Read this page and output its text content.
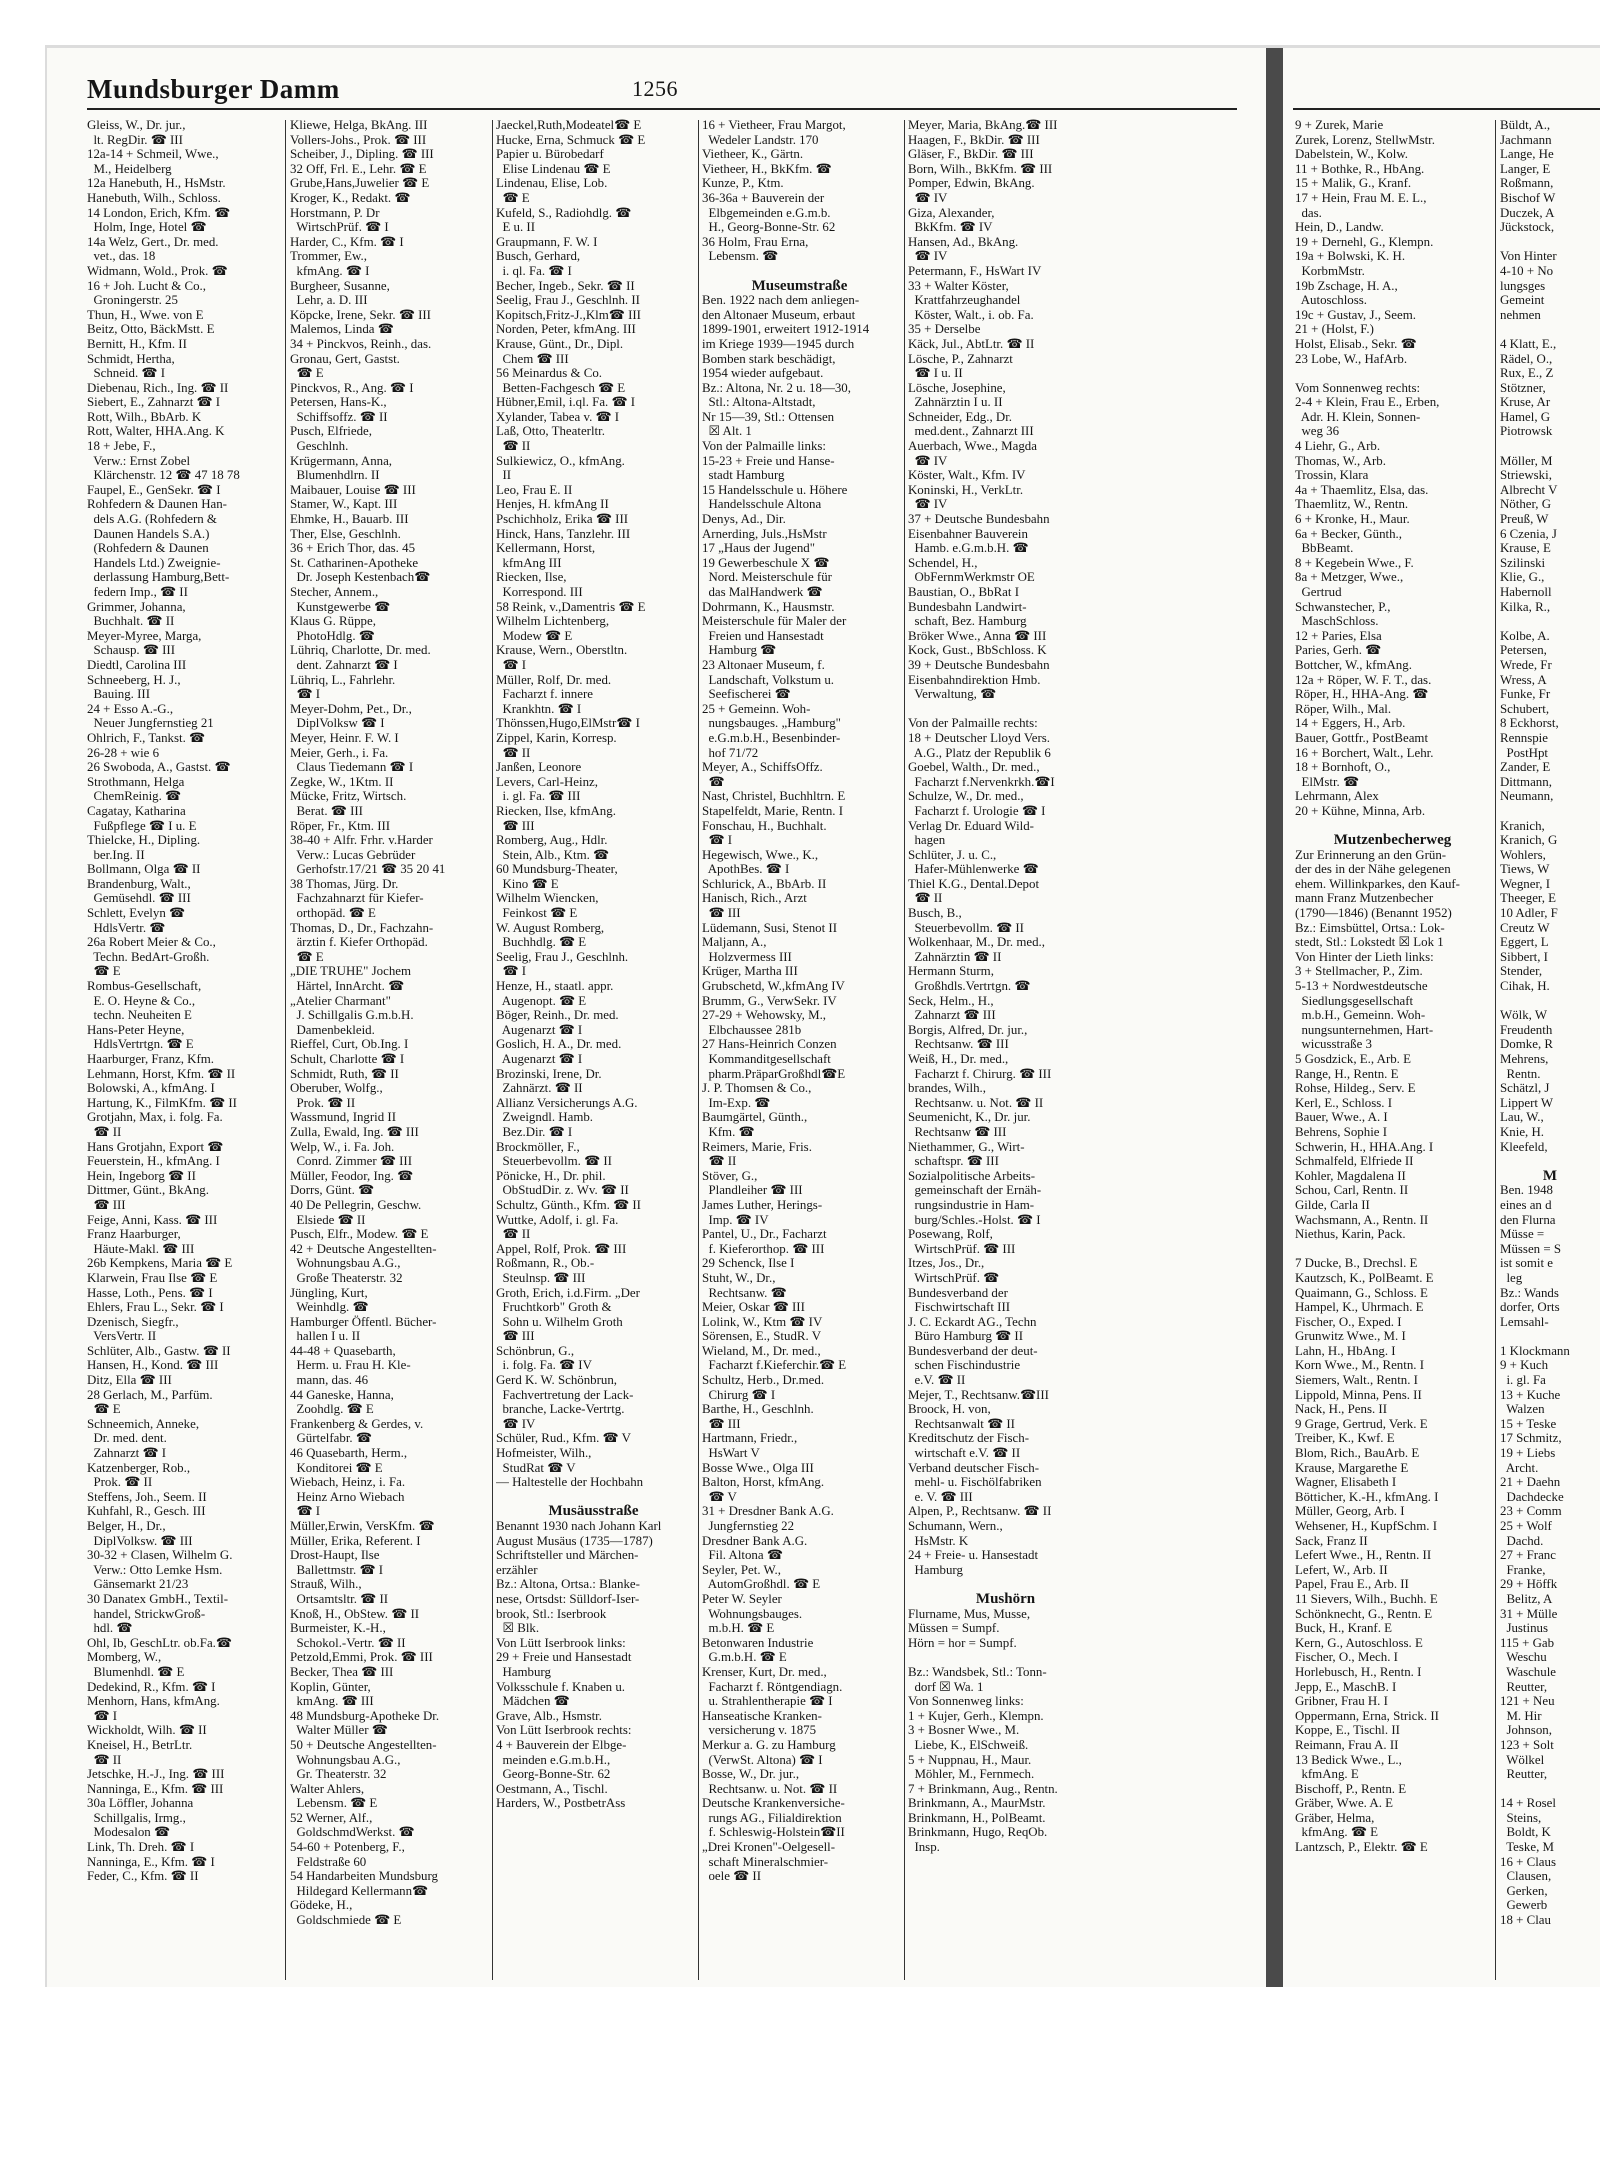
Mundsburger Damm	1256
Gleiss, W., Dr. jur.,
lt. RegDir. ☎ III
12a-14 + Schmeil, Wwe.,
M., Heidelberg
12a Hanebuth, H., HsMstr.
Hanebuth, Wilh., Schloss.
14 London, Erich, Kfm. ☎
Holm, Inge, Hotel ☎
14a Welz, Gert., Dr. med.
vet., das. 18
Widmann, Wold., Prok. ☎
16 + Joh. Lucht & Co.,
Groningerstr. 25
Thun, H., Wwe. von E
Beitz, Otto, BäckMstt. E
Bernitt, H., Kfm. II
Schmidt, Hertha,
Schneid. ☎ I
Diebenau, Rich., Ing. ☎ II
Siebert, E., Zahnarzt ☎ I
Rott, Wilh., BbArb. K
Rott, Walter, HHA.Ang. K
18 + Jebe, F.,
Verw.: Ernst Zobel
Klärchenstr. 12 ☎ 47 18 78
Faupel, E., GenSekr. ☎ I
Rohfedern & Daunen Han-
dels A.G. (Rohfedern &
Daunen Handels S.A.)
(Rohfedern & Daunen
Handels Ltd.) Zweignie-
derlassung Hamburg,Bett-
federn Imp., ☎ II
Grimmer, Johanna,
Buchhalt. ☎ II
Meyer-Myree, Marga,
Schausp. ☎ III
Diedtl, Carolina III
Schneeberg, H. J.,
Bauing. III
24 + Esso A.-G.,
Neuer Jungfernstieg 21
Ohlrich, F., Tankst. ☎
26-28 + wie 6
26 Swoboda, A., Gastst. ☎
Strothmann, Helga
ChemReinig. ☎
Cagatay, Katharina
Fußpflege ☎ I u. E
Thielcke, H., Dipling.
ber.Ing. II
Bollmann, Olga ☎ II
Brandenburg, Walt.,
Gemüsehdl. ☎ III
Schlett, Evelyn ☎
HdlsVertr. ☎
26a Robert Meier & Co.,
Techn. BedArt-Großh.
☎ E
Rombus-Gesellschaft,
E. O. Heyne & Co.,
techn. Neuheiten E
Hans-Peter Heyne,
HdlsVertrtgn. ☎ E
Haarburger, Franz, Kfm.
Lehmann, Horst, Kfm. ☎ II
Bolowski, A., kfmAng. I
Hartung, K., FilmKfm. ☎ II
Grotjahn, Max, i. folg. Fa.
☎ II
Hans Grotjahn, Export ☎
Feuerstein, H., kfmAng. I
Hein, Ingeborg ☎ II
Dittmer, Günt., BkAng.
☎ III
Feige, Anni, Kass. ☎ III
Franz Haarburger,
Häute-Makl. ☎ III
26b Kempkens, Maria ☎ E
Klarwein, Frau Ilse ☎ E
Hasse, Loth., Pens. ☎ I
Ehlers, Frau L., Sekr. ☎ I
Dzenisch, Siegfr.,
VersVertr. II
Schlüter, Alb., Gastw. ☎ II
Hansen, H., Kond. ☎ III
Ditz, Ella ☎ III
28 Gerlach, M., Parfüm.
☎ E
Schneemich, Anneke,
Dr. med. dent.
Zahnarzt ☎ I
Katzenberger, Rob.,
Prok. ☎ II
Steffens, Joh., Seem. II
Kuhfahl, R., Gesch. III
Belger, H., Dr.,
DiplVolksw. ☎ III
30-32 + Clasen, Wilhelm G.
Verw.: Otto Lemke Hsm.
Gänsemarkt 21/23
30 Danatex GmbH., Textil-
handel, StrickwGroß-
hdl. ☎
Ohl, Ib, GeschLtr. ob.Fa.☎
Momberg, W.,
Blumenhdl. ☎ E
Dedekind, R., Kfm. ☎ I
Menhorn, Hans, kfmAng.
☎ I
Wickholdt, Wilh. ☎ II
Kneisel, H., BetrLtr.
☎ II
Jetschke, H.-J., Ing. ☎ III
Nanninga, E., Kfm. ☎ III
30a Löffler, Johanna
Schillgalis, Irmg.,
Modesalon ☎
Link, Th. Dreh. ☎ I
Nanninga, E., Kfm. ☎ I
Feder, C., Kfm. ☎ II
Kliewe, Helga, BkAng. III
Vollers-Johs., Prok. ☎ III
Scheiber, J., Dipling. ☎ III
32 Off, Frl. E., Lehr. ☎ E
Grube,Hans,Juwelier ☎ E
Kroger, K., Redakt. ☎
Horstmann, P. Dr
WirtschPrüf. ☎ I
Harder, C., Kfm. ☎ I
Trommer, Ew.,
kfmAng. ☎ I
Burgheer, Susanne,
Lehr, a. D. III
Köpcke, Irene, Sekr. ☎ III
Malemos, Linda ☎
34 + Pinckvos, Reinh., das.
Gronau, Gert, Gastst.
☎ E
Pinckvos, R., Ang. ☎ I
Petersen, Hans-K.,
Schiffsoffz. ☎ II
Pusch, Elfriede,
Geschlnh.
Krügermann, Anna,
Blumenhdlrn. II
Maibauer, Louise ☎ III
Stamer, W., Kapt. III
Ehmke, H., Bauarb. III
Ther, Else, Geschlnh.
36 + Erich Thor, das. 45
St. Catharinen-Apotheke
Dr. Joseph Kestenbach☎
Stecher, Annem.,
Kunstgewerbe ☎
Klaus G. Rüppe,
PhotoHdlg. ☎
Lühriq, Charlotte, Dr. med.
dent. Zahnarzt ☎ I
Lühriq, L., Fahrlehr.
☎ I
Meyer-Dohm, Pet., Dr.,
DiplVolksw ☎ I
Meyer, Heinr. F. W. I
Meier, Gerh., i. Fa.
Claus Tiedemann ☎ I
Zegke, W., 1Ktm. II
Mücke, Fritz, Wirtsch.
Berat. ☎ III
Röper, Fr., Ktm. III
38-40 + Alfr. Frhr. v.Harder
Verw.: Lucas Gebrüder
Gerhofstr.17/21 ☎ 35 20 41
38 Thomas, Jürg. Dr.
Fachzahnarzt für Kiefer-
orthopäd. ☎ E
Thomas, D., Dr., Fachzahn-
ärztin f. Kiefer Orthopäd.
☎ E
„DIE TRUHE" Jochem
Härtel, InnArcht. ☎
„Atelier Charmant"
J. Schillgalis G.m.b.H.
Damenbekleid.
Rieffel, Curt, Ob.Ing. I
Schult, Charlotte ☎ I
Schmidt, Ruth, ☎ II
Oberuber, Wolfg.,
Prok. ☎ II
Wassmund, Ingrid II
Zulla, Ewald, Ing. ☎ III
Welp, W., i. Fa. Joh.
Conrd. Zimmer ☎ III
Müller, Feodor, Ing. ☎
Dorrs, Günt. ☎
40 De Pellegrin, Geschw.
Elsiede ☎ II
Pusch, Elfr., Modew. ☎ E
42 + Deutsche Angestellten-
Wohnungsbau A.G.,
Große Theaterstr. 32
Jüngling, Kurt,
Weinhdlg. ☎
Hamburger Öffentl. Bücher-
hallen I u. II
44-48 + Quasebarth,
Herm. u. Frau H. Kle-
mann, das. 46
44 Ganeske, Hanna,
Zoohdlg. ☎ E
Frankenberg & Gerdes, v.
Gürtelfabr. ☎
46 Quasebarth, Herm.,
Konditorei ☎ E
Wiebach, Heinz, i. Fa.
Heinz Arno Wiebach
☎ I
Müller,Erwin, VersKfm. ☎
Müller, Erika, Referent. I
Drost-Haupt, Ilse
Ballettmstr. ☎ I
Strauß, Wilh.,
Ortsamtsltr. ☎ II
Knoß, H., ObStew. ☎ II
Burmeister, K.-H.,
Schokol.-Vertr. ☎ II
Petzold,Emmi, Prok. ☎ III
Becker, Thea ☎ III
Koplin, Günter,
kmAng. ☎ III
48 Mundsburg-Apotheke Dr.
Walter Müller ☎
50 + Deutsche Angestellten-
Wohnungsbau A.G.,
Gr. Theaterstr. 32
Walter Ahlers,
Lebensm. ☎ E
52 Werner, Alf.,
GoldschmdWerkst. ☎
54-60 + Potenberg, F.,
Feldstraße 60
54 Handarbeiten Mundsburg
Hildegard Kellermann☎
Gödeke, H.,
Goldschmiede ☎ E
Jaeckel,Ruth,Modeatel☎ E
Hucke, Erna, Schmuck ☎ E
Papier u. Bürobedarf
Elise Lindenau ☎ E
Lindenau, Elise, Lob.
☎ E
Kufeld, S., Radiohdlg. ☎
E u. II
Graupmann, F. W. I
Busch, Gerhard,
i. ql. Fa. ☎ I
Becher, Ingeb., Sekr. ☎ II
Seelig, Frau J., Geschlnh. II
Kopitsch,Fritz-J.,Klm☎ III
Norden, Peter, kfmAng. III
Krause, Günt., Dr., Dipl.
Chem ☎ III
56 Meinardus & Co.
Betten-Fachgesch ☎ E
Hübner,Emil, i.ql. Fa. ☎ I
Xylander, Tabea v. ☎ I
Laß, Otto, Theaterltr.
☎ II
Sulkiewicz, O., kfmAng.
II
Leo, Frau E. II
Henjes, H. kfmAng II
Pschichholz, Erika ☎ III
Hinck, Hans, Tanzlehr. III
Kellermann, Horst,
kfmAng III
Riecken, Ilse,
Korrespond. III
58 Reink, v.,Damentris ☎ E
Wilhelm Lichtenberg,
Modew ☎ E
Krause, Wern., Oberstltn.
☎ I
Müller, Rolf, Dr. med.
Facharzt f. innere
Krankhtn. ☎ I
Thönssen,Hugo,ElMstr☎ I
Zippel, Karin, Korresp.
☎ II
Janßen, Leonore
Levers, Carl-Heinz,
i. gl. Fa. ☎ III
Riecken, Ilse, kfmAng.
☎ III
Romberg, Aug., Hdlr.
Stein, Alb., Ktm. ☎
60 Mundsburg-Theater,
Kino ☎ E
Wilhelm Wiencken,
Feinkost ☎ E
W. August Romberg,
Buchhdlg. ☎ E
Seelig, Frau J., Geschlnh.
☎ I
Henze, H., staatl. appr.
Augenopt. ☎ E
Böger, Reinh., Dr. med.
Augenarzt ☎ I
Goslich, H. A., Dr. med.
Augenarzt ☎ I
Brozinski, Irene, Dr.
Zahnärzt. ☎ II
Allianz Versicherungs A.G.
Zweigndl. Hamb.
Bez.Dir. ☎ I
Brockmöller, F.,
Steuerbevollm. ☎ II
Pönicke, H., Dr. phil.
ObStudDir. z. Wv. ☎ II
Schultz, Günth., Kfm. ☎ II
Wuttke, Adolf, i. gl. Fa.
☎ II
Appel, Rolf, Prok. ☎ III
Roßmann, R., Ob.-
Steulnsp. ☎ III
Groth, Erich, i.d.Firm. „Der
Fruchtkorb" Groth &
Sohn u. Wilhelm Groth
☎ III
Schönbrun, G.,
i. folg. Fa. ☎ IV
Gerd K. W. Schönbrun,
Fachvertretung der Lack-
branche, Lacke-Vertrtg.
☎ IV
Schüler, Rud., Kfm. ☎ V
Hofmeister, Wilh.,
StudRat ☎ V
— Haltestelle der Hochbahn
Musäusstraße
Benannt 1930 nach Johann Karl
August Musäus (1735—1787)
Schriftsteller und Märchen-
erzähler
Bz.: Altona, Ortsa.: Blanke-
nese, Ortsdst: Sülldorf-Iser-
brook, Stl.: Iserbrook
☒ Blk.
Von Lütt Iserbrook links:
29 + Freie und Hansestadt
Hamburg
Volksschule f. Knaben u.
Mädchen ☎
Grave, Alb., Hsmstr.
Von Lütt Iserbrook rechts:
4 + Bauverein der Elbge-
meinden e.G.m.b.H.,
Georg-Bonne-Str. 62
Oestmann, A., Tischl.
Harders, W., PostbetrAss
16 + Vietheer, Frau Margot,
Wedeler Landstr. 170
Vietheer, K., Gärtn.
Vietheer, H., BkKfm. ☎
Kunze, P., Ktm.
36-36a + Bauverein der
Elbgemeinden e.G.m.b.
H., Georg-Bonne-Str. 62
36 Holm, Frau Erna,
Lebensm. ☎
Museumstraße
Ben. 1922 nach dem anliegen-
den Altonaer Museum, erbaut
1899-1901, erweitert 1912-1914
im Kriege 1939—1945 durch
Bomben stark beschädigt,
1954 wieder aufgebaut.
Bz.: Altona, Nr. 2 u. 18—30,
Stl.: Altona-Altstadt,
Nr 15—39, Stl.: Ottensen
☒ Alt. 1
Von der Palmaille links:
15-23 + Freie und Hanse-
stadt Hamburg
15 Handelsschule u. Höhere
Handelsschule Altona
Denys, Ad., Dir.
Arnerding, Juls.,HsMstr
17 „Haus der Jugend"
19 Gewerbeschule X ☎
Nord. Meisterschule für
das MalHandwerk ☎
Dohrmann, K., Hausmstr.
Meisterschule für Maler der
Freien und Hansestadt
Hamburg ☎
23 Altonaer Museum, f.
Landschaft, Volkstum u.
Seefischerei ☎
25 + Gemeinn. Woh-
nungsbauges. „Hamburg"
e.G.m.b.H., Besenbinder-
hof 71/72
Meyer, A., SchiffsOffz.
☎
Nast, Christel, Buchhltrn. E
Stapelfeldt, Marie, Rentn. I
Fonschau, H., Buchhalt.
☎ I
Hegewisch, Wwe., K.,
ApothBes. ☎ I
Schlurick, A., BbArb. II
Hanisch, Rich., Arzt
☎ III
Lüdemann, Susi, Stenot II
Maljann, A.,
Holzvermess III
Krüger, Martha III
Grubschetd, W.,kfmAng IV
Brumm, G., VerwSekr. IV
27-29 + Wehowsky, M.,
Elbchaussee 281b
27 Hans-Heinrich Conzen
Kommanditgesellschaft
pharm.PräparGroßhdl☎E
J. P. Thomsen & Co.,
Im-Exp. ☎
Baumgärtel, Günth.,
Kfm. ☎
Reimers, Marie, Fris.
☎ II
Stöver, G.,
Plandleiher ☎ III
James Luther, Herings-
Imp. ☎ IV
Pantel, U., Dr., Facharzt
f. Kieferorthop. ☎ III
29 Schenck, Ilse I
Stuht, W., Dr.,
Rechtsanw. ☎
Meier, Oskar ☎ III
Lolink, W., Ktm ☎ IV
Sörensen, E., StudR. V
Wieland, M., Dr. med.,
Facharzt f.Kieferchir.☎ E
Schultz, Herb., Dr.med.
Chirurg ☎ I
Barthe, H., Geschlnh.
☎ III
Hartmann, Friedr.,
HsWart V
Bosse Wwe., Olga III
Balton, Horst, kfmAng.
☎ V
31 + Dresdner Bank A.G.
Jungfernstieg 22
Dresdner Bank A.G.
Fil. Altona ☎
Seyler, Pet. W.,
AutomGroßhdl. ☎ E
Peter W. Seyler
Wohnungsbauges.
m.b.H. ☎ E
Betonwaren Industrie
G.m.b.H. ☎ E
Krenser, Kurt, Dr. med.,
Facharzt f. Röntgendiagn.
u. Strahlentherapie ☎ I
Hanseatische Kranken-
versicherung v. 1875
Merkur a. G. zu Hamburg
(VerwSt. Altona) ☎ I
Bosse, W., Dr. jur.,
Rechtsanw. u. Not. ☎ II
Deutsche Krankenversiche-
rungs AG., Filialdirektion
f. Schleswig-Holstein☎II
„Drei Kronen"-Oelgesell-
schaft Mineralschmier-
oele ☎ II
Meyer, Maria, BkAng.☎ III
Haagen, F., BkDir. ☎ III
Gläser, F., BkDir. ☎ III
Born, Wilh., BkKfm. ☎ III
Pomper, Edwin, BkAng.
☎ IV
Giza, Alexander,
BkKfm. ☎ IV
Hansen, Ad., BkAng.
☎ IV
Petermann, F., HsWart IV
33 + Walter Köster,
Krattfahrzeughandel
Köster, Walt., i. ob. Fa.
35 + Derselbe
Käck, Jul., AbtLtr. ☎ II
Lösche, P., Zahnarzt
☎ I u. II
Lösche, Josephine,
Zahnärztin I u. II
Schneider, Edg., Dr.
med.dent., Zahnarzt III
Auerbach, Wwe., Magda
☎ IV
Köster, Walt., Kfm. IV
Koninski, H., VerkLtr.
☎ IV
37 + Deutsche Bundesbahn
Eisenbahner Bauverein
Hamb. e.G.m.b.H. ☎
Schendel, H.,
ObFernmWerkmstr OE
Baustian, O., BbRat I
Bundesbahn Landwirt-
schaft, Bez. Hamburg
Bröker Wwe., Anna ☎ III
Kock, Gust., BbSchloss. K
39 + Deutsche Bundesbahn
Eisenbahndirektion Hmb.
Verwaltung, ☎
Von der Palmaille rechts:
18 + Deutscher Lloyd Vers.
A.G., Platz der Republik 6
Goebel, Walth., Dr. med.,
Facharzt f.Nervenkrkh.☎I
Schulze, W., Dr. med.,
Facharzt f. Urologie ☎ I
Verlag Dr. Eduard Wild-
hagen
Schlüter, J. u. C.,
Hafer-Mühlenwerke ☎
Thiel K.G., Dental.Depot
☎ II
Busch, B.,
Steuerbevollm. ☎ II
Wolkenhaar, M., Dr. med.,
Zahnärztin ☎ II
Hermann Sturm,
Großhdls.Vertrtgn. ☎
Seck, Helm., H.,
Zahnarzt ☎ III
Borgis, Alfred, Dr. jur.,
Rechtsanw. ☎ III
Weiß, H., Dr. med.,
Facharzt f. Chirurg. ☎ III
brandes, Wilh.,
Rechtsanw. u. Not. ☎ II
Seumenicht, K., Dr. jur.
Rechtsanw ☎ III
Niethammer, G., Wirt-
schaftspr. ☎ III
Sozialpolitische Arbeits-
gemeinschaft der Ernäh-
rungsindustrie in Ham-
burg/Schles.-Holst. ☎ I
Posewang, Rolf,
WirtschPrüf. ☎ III
Itzes, Jos., Dr.,
WirtschPrüf. ☎
Bundesverband der
Fischwirtschaft III
J. C. Eckardt AG., Techn
Büro Hamburg ☎ II
Bundesverband der deut-
schen Fischindustrie
e.V. ☎ II
Mejer, T., Rechtsanw.☎III
Broock, H. von,
Rechtsanwalt ☎ II
Kreditschutz der Fisch-
wirtschaft e.V. ☎ II
Verband deutscher Fisch-
mehl- u. Fischölfabriken
e. V. ☎ III
Alpen, P., Rechtsanw. ☎ II
Schumann, Wern.,
HsMstr. K
24 + Freie- u. Hansestadt
Hamburg
Mushörn
Flurname, Mus, Musse,
Müssen = Sumpf.
Hörn = hor = Sumpf.
Bz.: Wandsbek, Stl.: Tonn-
dorf ☒ Wa. 1
Von Sonnenweg links:
1 + Kujer, Gerh., Klempn.
3 + Bosner Wwe., M.
Liebe, K., ElSchweiß.
5 + Nuppnau, H., Maur.
Möhler, M., Fernmech.
7 + Brinkmann, Aug., Rentn.
Brinkmann, A., MaurMstr.
Brinkmann, H., PolBeamt.
Brinkmann, Hugo, ReqOb.
Insp.
9 + Zurek, Marie
Zurek, Lorenz, StellwMstr.
Dabelstein, W., Kolw.
11 + Bothke, R., HbAng.
15 + Malik, G., Kranf.
17 + Hein, Frau M. E. L.,
das.
Hein, D., Landw.
19 + Dernehl, G., Klempn.
19a + Bolwski, K. H.
KorbmMstr.
19b Zschage, H. A.,
Autoschloss.
19c + Gustav, J., Seem.
21 + (Holst, F.)
Holst, Elisab., Sekr. ☎
23 Lobe, W., HafArb.
Vom Sonnenweg rechts:
2-4 + Klein, Frau E., Erben,
Adr. H. Klein, Sonnen-
weg 36
4 Liehr, G., Arb.
Thomas, W., Arb.
Trossin, Klara
4a + Thaemlitz, Elsa, das.
Thaemlitz, W., Rentn.
6 + Kronke, H., Maur.
6a + Becker, Günth.,
BbBeamt.
8 + Kegebein Wwe., F.
8a + Metzger, Wwe.,
Gertrud
Schwanstecher, P.,
MaschSchloss.
12 + Paries, Elsa
Paries, Gerh. ☎
Bottcher, W., kfmAng.
12a + Röper, W. F. T., das.
Röper, H., HHA-Ang. ☎
Röper, Wilh., Mal.
14 + Eggers, H., Arb.
Bauer, Gottfr., PostBeamt
16 + Borchert, Walt., Lehr.
18 + Bornhoft, O.,
ElMstr. ☎
Lehrmann, Alex
20 + Kühne, Minna, Arb.
Mutzenbecherweg
Zur Erinnerung an den Grün-
der des in der Nähe gelegenen
ehem. Willinkparkes, den Kauf-
mann Franz Mutzenbecher
(1790—1846) (Benannt 1952)
Bz.: Eimsbüttel, Ortsa.: Lok-
stedt, Stl.: Lokstedt ☒ Lok 1
Von Hinter der Lieth links:
3 + Stellmacher, P., Zim.
5-13 + Nordwestdeutsche
Siedlungsgesellschaft
m.b.H., Gemeinn. Woh-
nungsunternehmen, Hart-
wicusstraße 3
5 Gosdzick, E., Arb. E
Range, H., Rentn. E
Rohse, Hildeg., Serv. E
Kerl, E., Schloss. I
Bauer, Wwe., A. I
Behrens, Sophie I
Schwerin, H., HHA.Ang. I
Schmalfeld, Elfriede II
Kohler, Magdalena II
Schou, Carl, Rentn. II
Gilde, Carla II
Wachsmann, A., Rentn. II
Niethus, Karin, Pack.
7 Ducke, B., Drechsl. E
Kautzsch, K., PolBeamt. E
Quaimann, G., Schloss. E
Hampel, K., Uhrmach. E
Fischer, O., Exped. I
Grunwitz Wwe., M. I
Lahn, H., HbAng. I
Korn Wwe., M., Rentn. I
Siemers, Walt., Rentn. I
Lippold, Minna, Pens. II
Nack, H., Pens. II
9 Grage, Gertrud, Verk. E
Treiber, K., Kwf. E
Blom, Rich., BauArb. E
Krause, Margarethe E
Wagner, Elisabeth I
Bötticher, K.-H., kfmAng. I
Müller, Georg, Arb. I
Wehsener, H., KupfSchm. I
Sack, Franz II
Lefert Wwe., H., Rentn. II
Lefert, W., Arb. II
Papel, Frau E., Arb. II
11 Sievers, Wilh., Buchh. E
Schönknecht, G., Rentn. E
Buck, H., Kranf. E
Kern, G., Autoschloss. E
Fischer, O., Mech. I
Horlebusch, H., Rentn. I
Jepp, E., MaschB. I
Gribner, Frau H. I
Oppermann, Erna, Strick. II
Koppe, E., Tischl. II
Reimann, Frau A. II
13 Bedick Wwe., L.,
kfmAng. E
Bischoff, P., Rentn. E
Gräber, Wwe. A. E
Gräber, Helma,
kfmAng. ☎ E
Lantzsch, P., Elektr. ☎ E
Büldt, A.,
Jachmann
Lange, He
Langer, E
Roßmann,
Bischof W
Duczek, A
Jückstock,
Von Hinter
4-10 + No
lungsges
Gemeint
nehmen
4 Klatt, E.,
Rädel, O.,
Rux, E., Z
Stötzner,
Kruse, Ar
Hamel, G
Piotrowsk
Möller, M
Striewski,
Albrecht V
Nöther, G
Preuß, W
6 Czenia, J
Krause, E
Szilinski
Klie, G.,
Habernoll
Kilka, R.,
Kolbe, A.
Petersen,
Wrede, Fr
Wress, A
Funke, Fr
Schubert,
8 Eckhorst,
Rennspie
PostHpt
Zander, E
Dittmann,
Neumann,
Kranich,
Kranich, G
Wohlers,
Tiews, W
Wegner, I
Theeger, E
10 Adler, F
Creutz W
Eggert, L
Sibbert, I
Stender,
Cihak, H.
Wölk, W
Freudenth
Domke, R
Mehrens,
Rentn.
Schätzl, J
Lippert W
Lau, W.,
Knie, H.
Kleefeld,
M
Ben. 1948
eines an d
den Flurna
Müsse =
Müssen = S
ist somit e
leg
Bz.: Wands
dorfer, Orts
Lemsahl-
1 Klockmann
9 + Kuch
i. gl. Fa
13 + Kuche
Walzen
15 + Teske
17 Schmitz,
19 + Liebs
Archt.
21 + Daehn
Dachdecke
23 + Comm
25 + Wolf
Dachd.
27 + Franc
Franke,
29 + Höffk
Belitz, A
31 + Mülle
Justinus
115 + Gab
Weschu
Waschule
Reutter,
121 + Neu
M. Hir
Johnson,
123 + Solt
Wölkel
Reutter,
14 + Rosel
Steins,
Boldt, K
Teske, M
16 + Claus
Clausen,
Gerken,
Gewerb
18 + Clau
